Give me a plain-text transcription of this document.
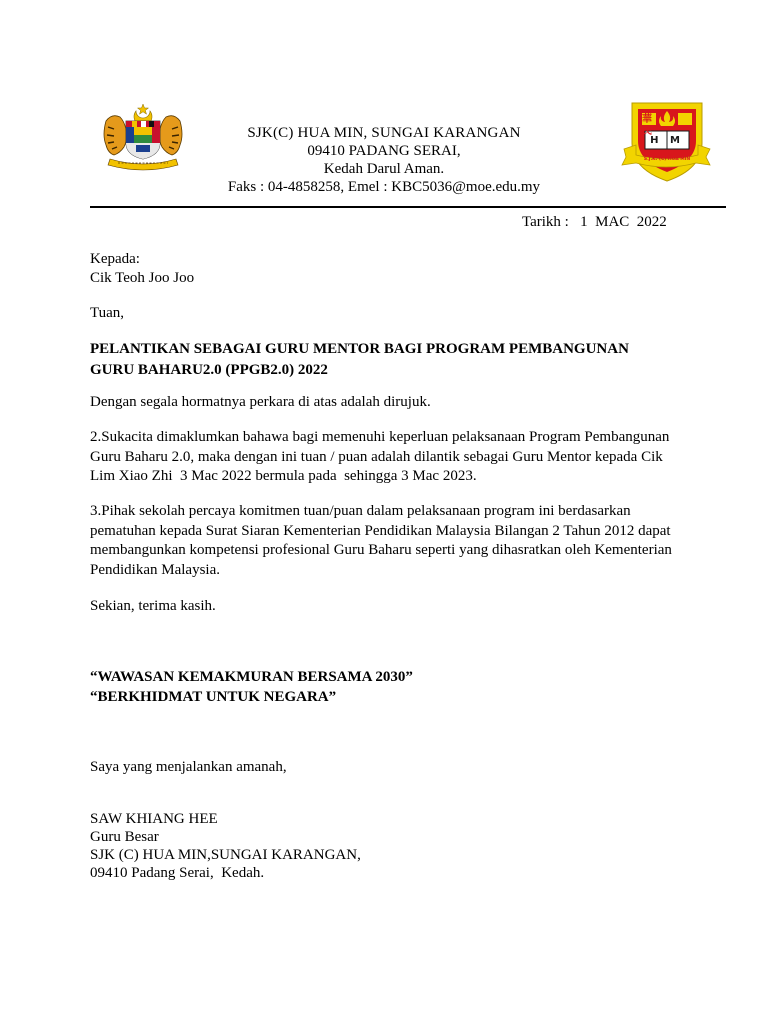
SJK(C) HUA MIN, SUNGAI KARANGAN
09410 PADANG SERAI,
Kedah Darul Aman.
Faks : 04-4858258, Emel : KBC5036@moe.edu.my
華 民
H M
S.J.K. (C) HUA MIN
Tarikh :   1  MAC  2022
Kepada:
Cik Teoh Joo Joo
Tuan,
PELANTIKAN SEBAGAI GURU MENTOR BAGI PROGRAM PEMBANGUNAN
GURU BAHARU2.0 (PPGB2.0) 2022
Dengan segala hormatnya perkara di atas adalah dirujuk.
2.Sukacita dimaklumkan bahawa bagi memenuhi keperluan pelaksanaan Program Pembangunan
Guru Baharu 2.0, maka dengan ini tuan / puan adalah dilantik sebagai Guru Mentor kepada Cik
Lim Xiao Zhi  3 Mac 2022 bermula pada  sehingga 3 Mac 2023.
3.Pihak sekolah percaya komitmen tuan/puan dalam pelaksanaan program ini berdasarkan
pematuhan kepada Surat Siaran Kementerian Pendidikan Malaysia Bilangan 2 Tahun 2012 dapat
membangunkan kompetensi profesional Guru Baharu seperti yang dihasratkan oleh Kementerian
Pendidikan Malaysia.
Sekian, terima kasih.
“WAWASAN KEMAKMURAN BERSAMA 2030”
“BERKHIDMAT UNTUK NEGARA”
Saya yang menjalankan amanah,
SAW KHIANG HEE
Guru Besar
SJK (C) HUA MIN,SUNGAI KARANGAN,
09410 Padang Serai,  Kedah.
